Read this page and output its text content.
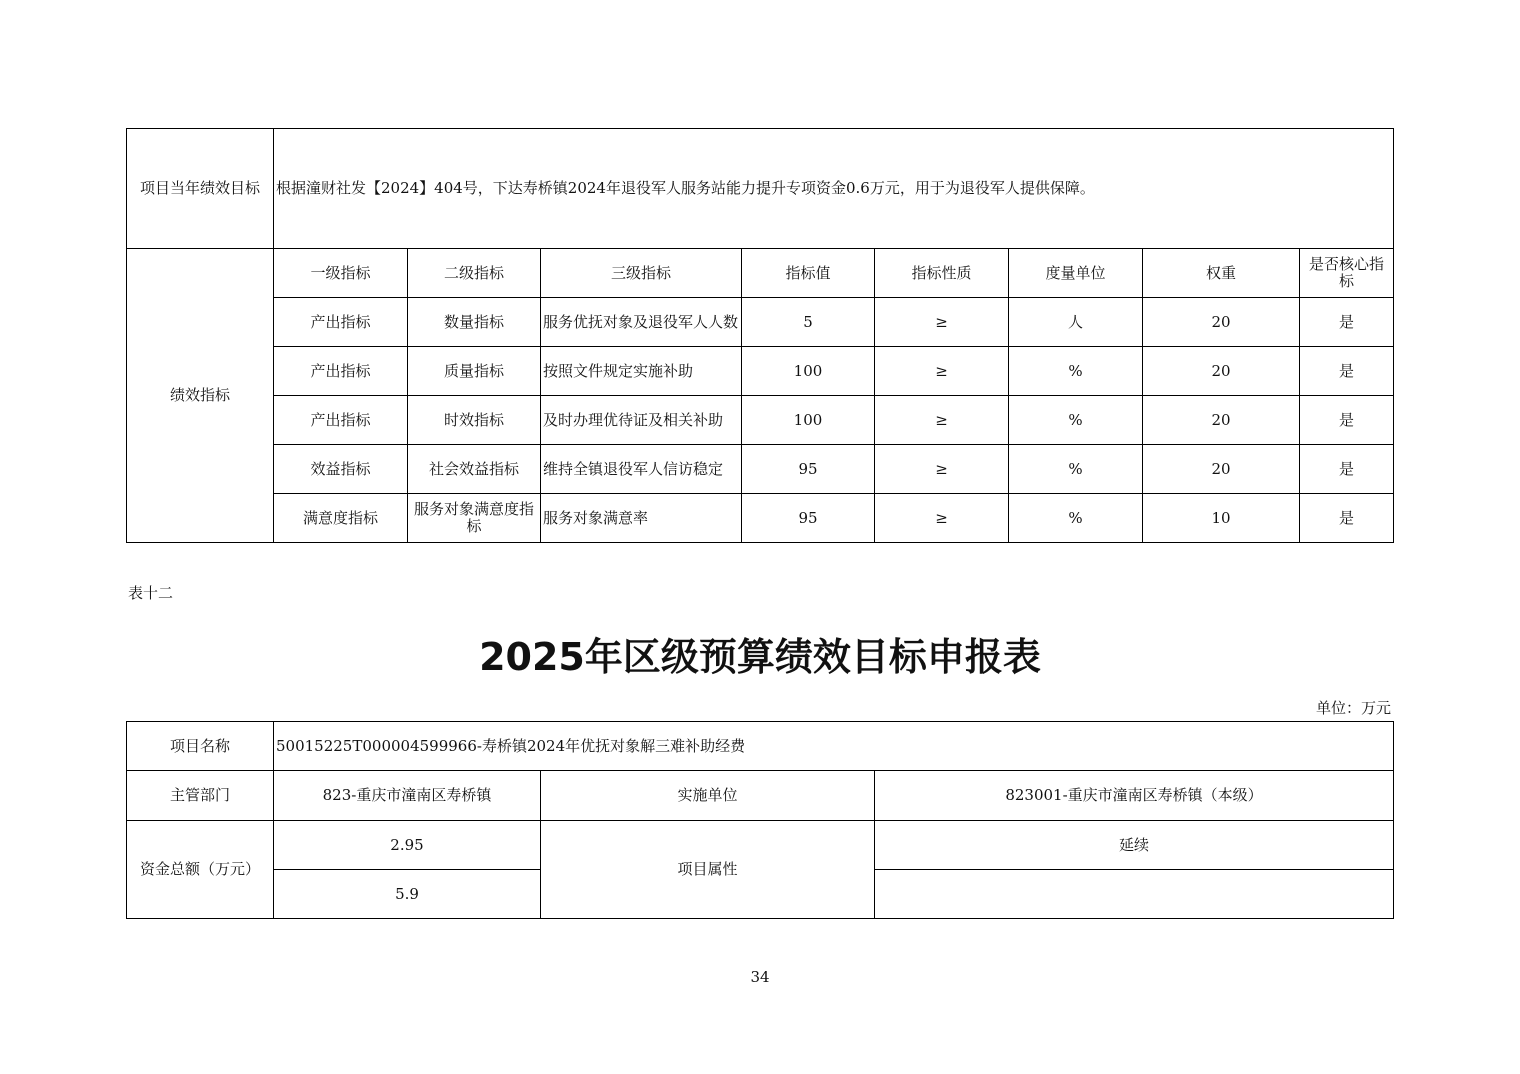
项目当年绩效目标	根据潼财社发【2024】404号，下达寿桥镇2024年退役军人服务站能力提升专项资金0.6万元，用于为退役军人提供保障。							
绩效指标	一级指标	二级指标	三级指标	指标值	指标性质	度量单位	权重	是否核心指标
	产出指标	数量指标	服务优抚对象及退役军人人数	5	≥	人	20	是
	产出指标	质量指标	按照文件规定实施补助	100	≥	%	20	是
	产出指标	时效指标	及时办理优待证及相关补助	100	≥	%	20	是
	效益指标	社会效益指标	维持全镇退役军人信访稳定	95	≥	%	20	是
	满意度指标	服务对象满意度指标	服务对象满意率	95	≥	%	10	是
表十二
2025年区级预算绩效目标申报表
单位：万元
项目名称	50015225T000004599966-寿桥镇2024年优抚对象解三难补助经费		
主管部门	823-重庆市潼南区寿桥镇	实施单位	823001-重庆市潼南区寿桥镇（本级）
资金总额（万元）	2.95	项目属性	延续
	5.9		
34
